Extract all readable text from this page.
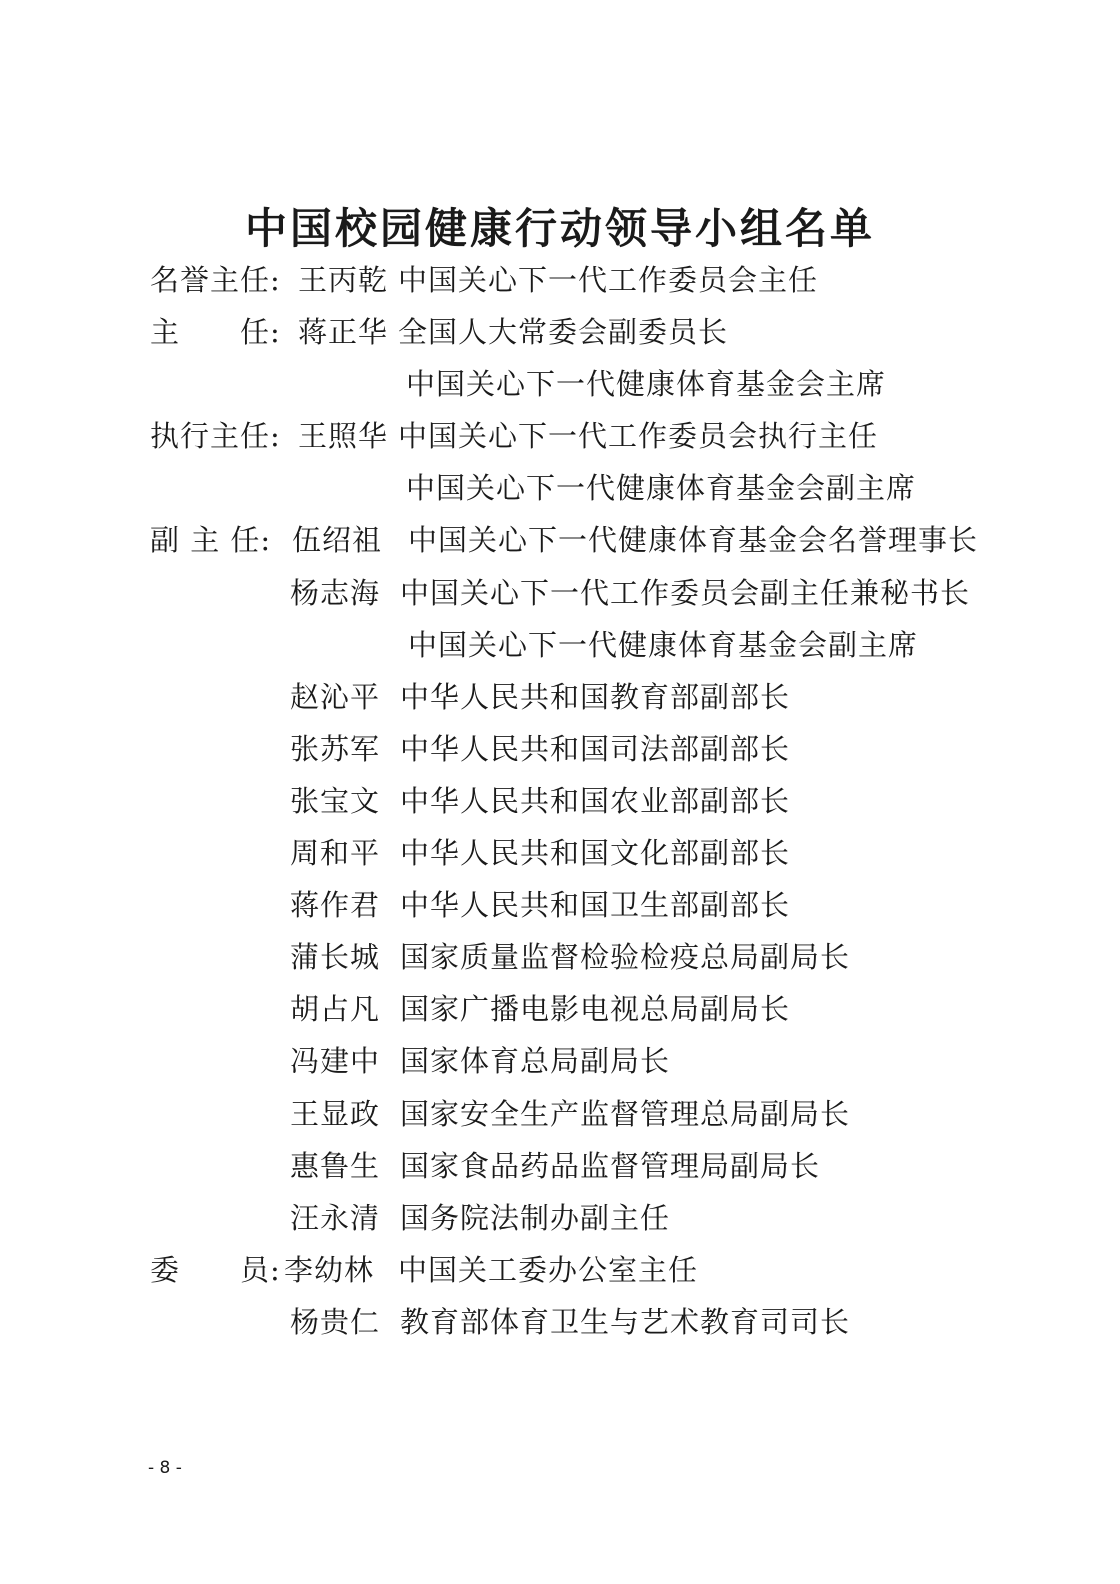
中国校园健康行动领导小组名单
名誉主任: 王丙乾 中国关心下一代工作委员会主任
主　　任: 蒋正华 全国人大常委会副委员长
中国关心下一代健康体育基金会主席
执行主任: 王照华 中国关心下一代工作委员会执行主任
中国关心下一代健康体育基金会副主席
副 主 任: 伍绍祖 中国关心下一代健康体育基金会名誉理事长
杨志海 中国关心下一代工作委员会副主任兼秘书长
中国关心下一代健康体育基金会副主席
赵沁平 中华人民共和国教育部副部长
张苏军 中华人民共和国司法部副部长
张宝文 中华人民共和国农业部副部长
周和平 中华人民共和国文化部副部长
蒋作君 中华人民共和国卫生部副部长
蒲长城 国家质量监督检验检疫总局副局长
胡占凡 国家广播电影电视总局副局长
冯建中 国家体育总局副局长
王显政 国家安全生产监督管理总局副局长
惠鲁生 国家食品药品监督管理局副局长
汪永清 国务院法制办副主任
委　　员: 李幼林 中国关工委办公室主任
杨贵仁 教育部体育卫生与艺术教育司司长
- 8 -
